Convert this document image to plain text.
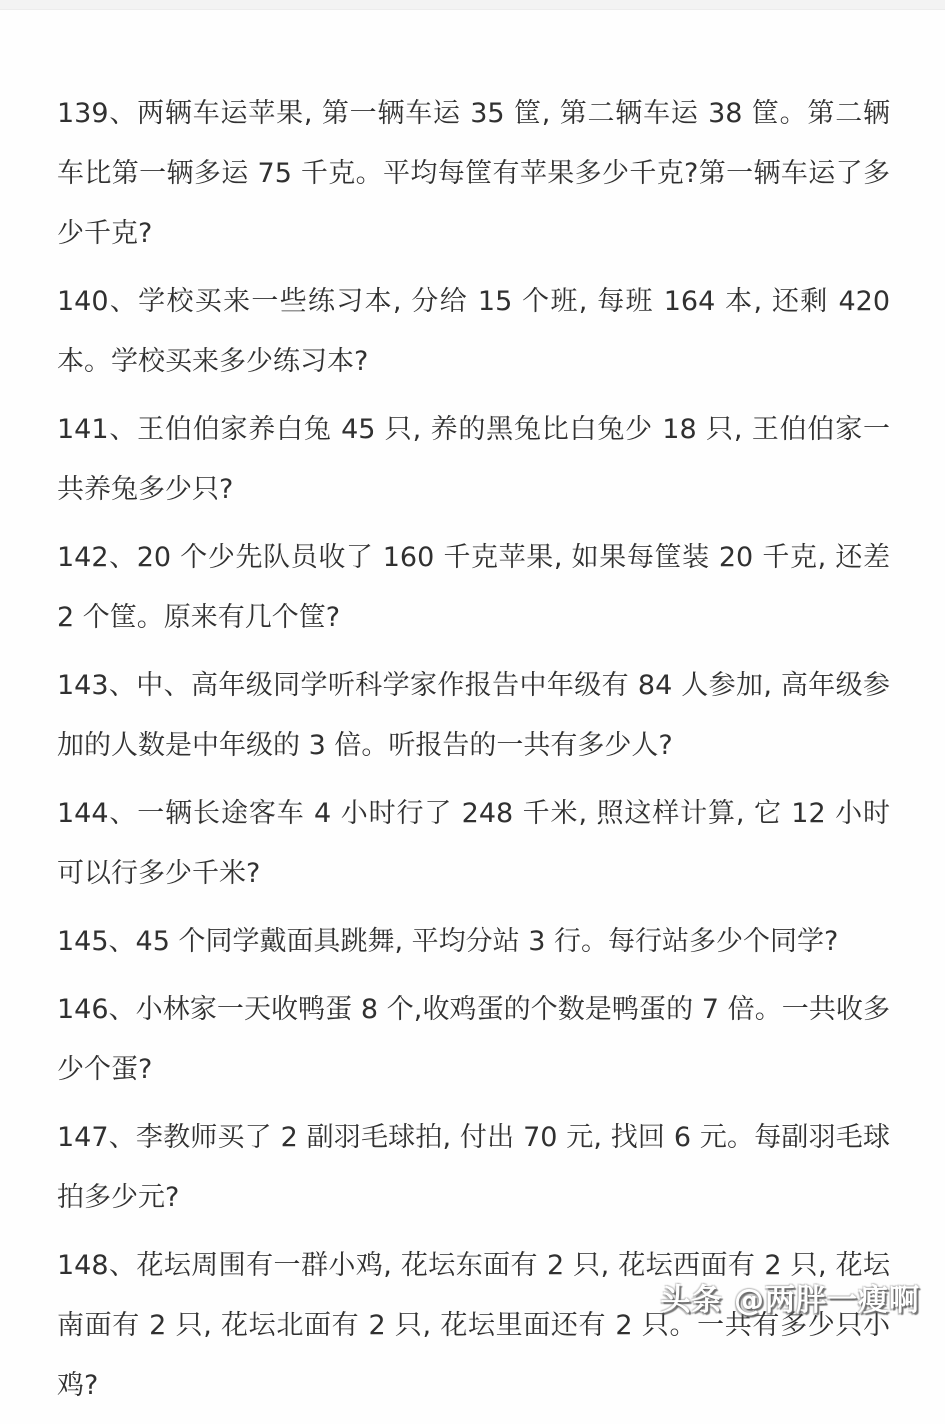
139、两辆车运苹果, 第一辆车运 35 筐, 第二辆车运 38 筐。第二辆车比第一辆多运 75 千克。平均每筐有苹果多少千克?第一辆车运了多少千克?

140、学校买来一些练习本, 分给 15 个班, 每班 164 本, 还剩 420 本。学校买来多少练习本?

141、王伯伯家养白兔 45 只, 养的黑兔比白兔少 18 只, 王伯伯家一共养兔多少只?

142、20 个少先队员收了 160 千克苹果, 如果每筐装 20 千克, 还差 2 个筐。原来有几个筐?

143、中、高年级同学听科学家作报告中年级有 84 人参加, 高年级参加的人数是中年级的 3 倍。听报告的一共有多少人?

144、一辆长途客车 4 小时行了 248 千米, 照这样计算, 它 12 小时可以行多少千米?

145、45 个同学戴面具跳舞, 平均分站 3 行。每行站多少个同学?

146、小林家一天收鸭蛋 8 个,收鸡蛋的个数是鸭蛋的 7 倍。一共收多少个蛋?

147、李教师买了 2 副羽毛球拍, 付出 70 元, 找回 6 元。每副羽毛球拍多少元?

148、花坛周围有一群小鸡, 花坛东面有 2 只, 花坛西面有 2 只, 花坛南面有 2 只, 花坛北面有 2 只, 花坛里面还有 2 只。一共有多少只小鸡?

头条 @两胖一瘦啊
